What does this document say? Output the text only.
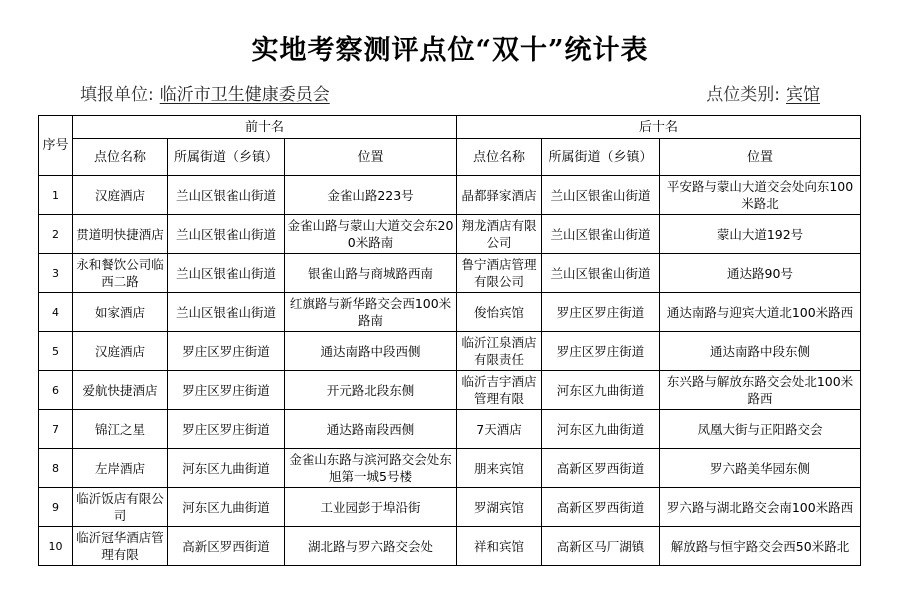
实地考察测评点位“双十”统计表
填报单位: 临沂市卫生健康委员会	点位类别: 宾馆
序号	前十名			后十名		
	点位名称	所属街道（乡镇）	位置	点位名称	所属街道（乡镇）	位置
1	汉庭酒店	兰山区银雀山街道	金雀山路223号	晶都驿家酒店	兰山区银雀山街道	平安路与蒙山大道交会处向东100米路北
2	贯道明快捷酒店	兰山区银雀山街道	金雀山路与蒙山大道交会东200米路南	翔龙酒店有限公司	兰山区银雀山街道	蒙山大道192号
3	永和餐饮公司临西二路	兰山区银雀山街道	银雀山路与商城路西南	鲁宁酒店管理有限公司	兰山区银雀山街道	通达路90号
4	如家酒店	兰山区银雀山街道	红旗路与新华路交会西100米路南	俊怡宾馆	罗庄区罗庄街道	通达南路与迎宾大道北100米路西
5	汉庭酒店	罗庄区罗庄街道	通达南路中段西侧	临沂江泉酒店有限责任	罗庄区罗庄街道	通达南路中段东侧
6	爱航快捷酒店	罗庄区罗庄街道	开元路北段东侧	临沂吉宇酒店管理有限	河东区九曲街道	东兴路与解放东路交会处北100米路西
7	锦江之星	罗庄区罗庄街道	通达路南段西侧	7天酒店	河东区九曲街道	凤凰大街与正阳路交会
8	左岸酒店	河东区九曲街道	金雀山东路与滨河路交会处东旭第一城5号楼	朋来宾馆	高新区罗西街道	罗六路美华园东侧
9	临沂饭店有限公司	河东区九曲街道	工业园彭于埠沿街	罗湖宾馆	高新区罗西街道	罗六路与湖北路交会南100米路西
10	临沂冠华酒店管理有限	高新区罗西街道	湖北路与罗六路交会处	祥和宾馆	高新区马厂湖镇	解放路与恒宇路交会西50米路北
